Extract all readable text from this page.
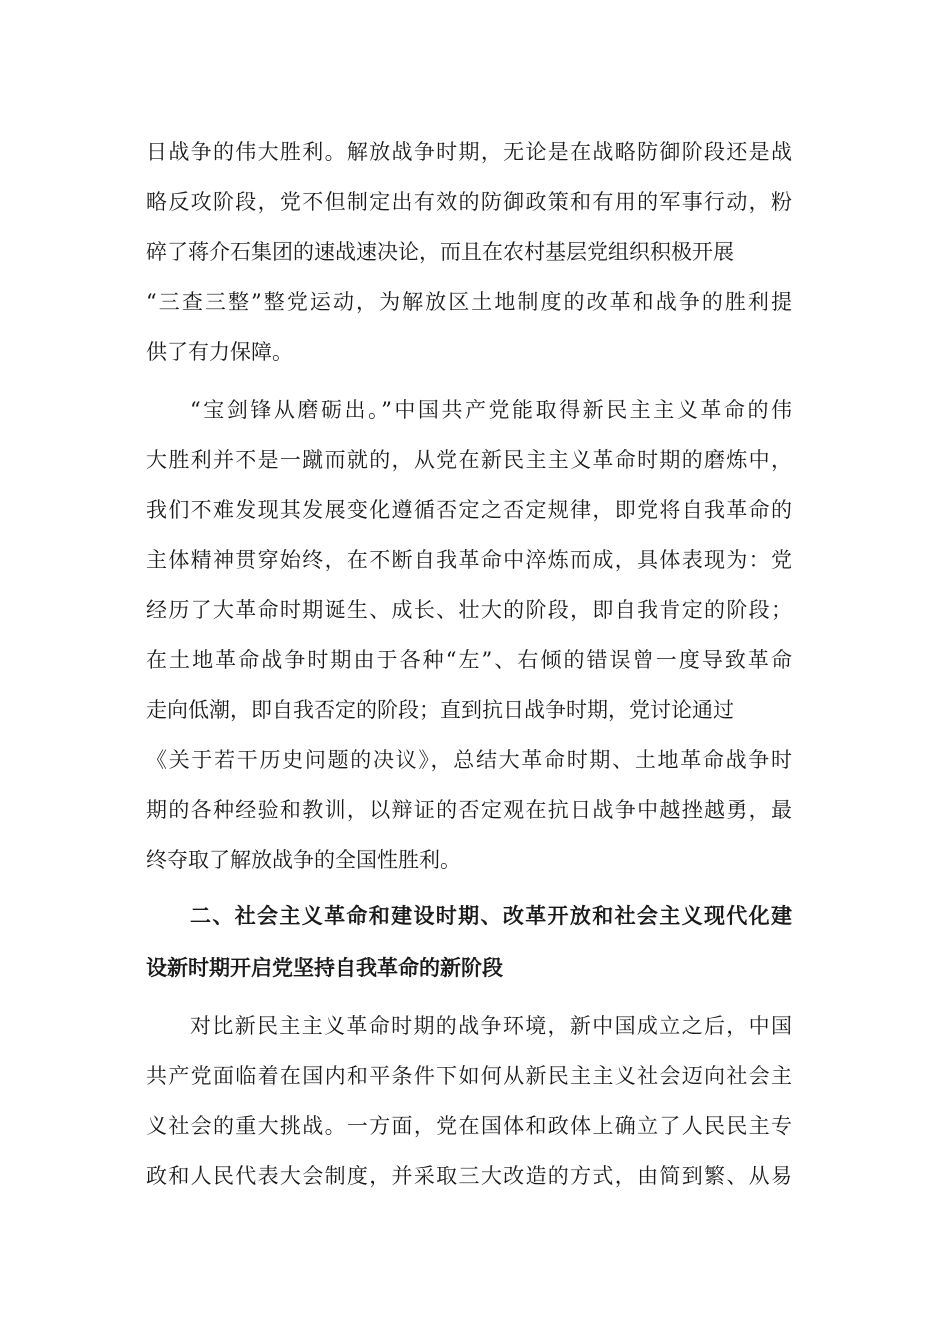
日战争的伟大胜利。解放战争时期，无论是在战略防御阶段还是战
略反攻阶段，党不但制定出有效的防御政策和有用的军事行动，粉
碎了蒋介石集团的速战速决论，而且在农村基层党组织积极开展
“三查三整”整党运动，为解放区土地制度的改革和战争的胜利提
供了有力保障。
“宝剑锋从磨砺出。”中国共产党能取得新民主主义革命的伟
大胜利并不是一蹴而就的，从党在新民主主义革命时期的磨炼中，
我们不难发现其发展变化遵循否定之否定规律，即党将自我革命的
主体精神贯穿始终，在不断自我革命中淬炼而成，具体表现为：党
经历了大革命时期诞生、成长、壮大的阶段，即自我肯定的阶段；
在土地革命战争时期由于各种“左”、右倾的错误曾一度导致革命
走向低潮，即自我否定的阶段；直到抗日战争时期，党讨论通过
《关于若干历史问题的决议》，总结大革命时期、土地革命战争时
期的各种经验和教训，以辩证的否定观在抗日战争中越挫越勇，最
终夺取了解放战争的全国性胜利。
二、社会主义革命和建设时期、改革开放和社会主义现代化建
设新时期开启党坚持自我革命的新阶段
对比新民主主义革命时期的战争环境，新中国成立之后，中国
共产党面临着在国内和平条件下如何从新民主主义社会迈向社会主
义社会的重大挑战。一方面，党在国体和政体上确立了人民民主专
政和人民代表大会制度，并采取三大改造的方式，由简到繁、从易
